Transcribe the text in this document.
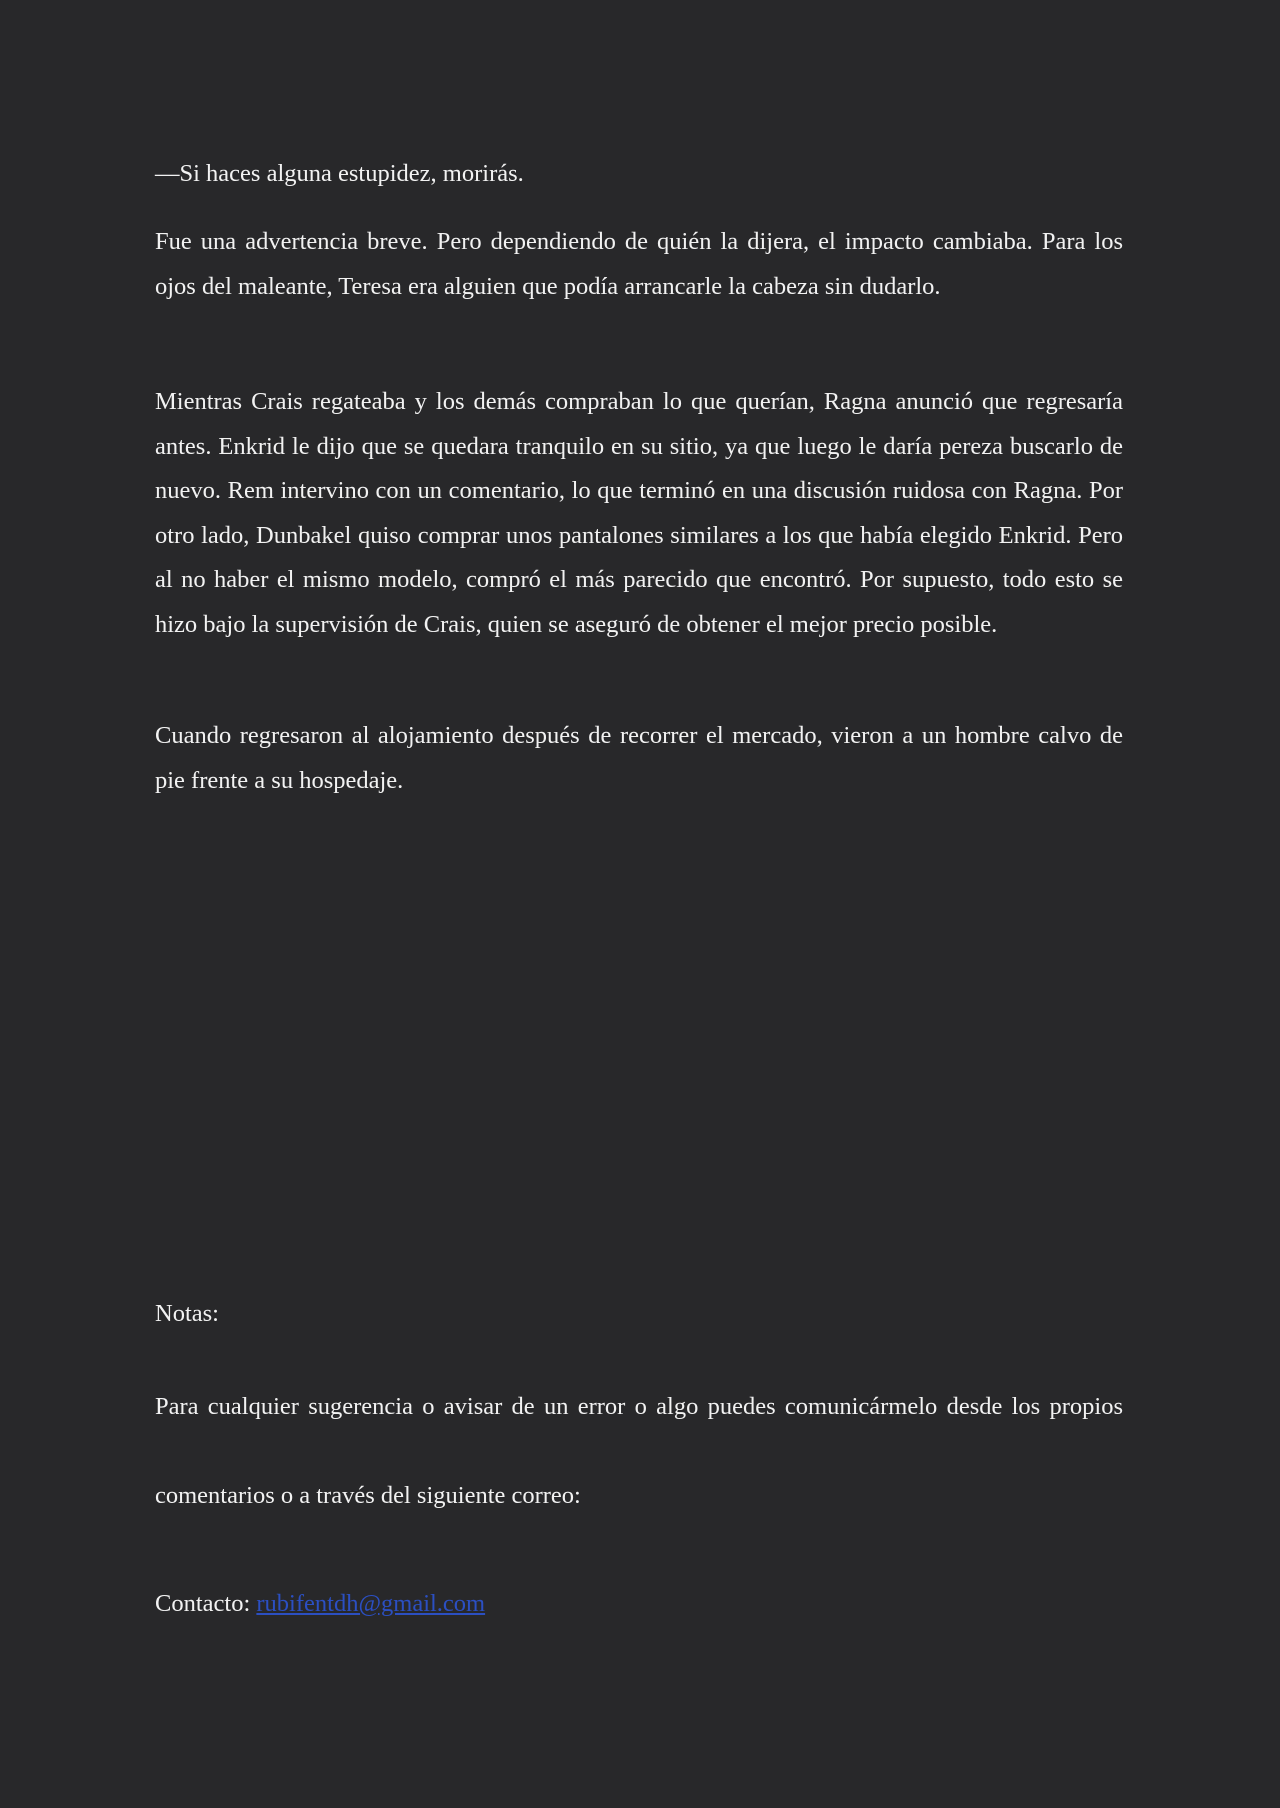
—Si haces alguna estupidez, morirás.

Fue una advertencia breve. Pero dependiendo de quién la dijera, el impacto cambiaba. Para los ojos del maleante, Teresa era alguien que podía arrancarle la cabeza sin dudarlo.

Mientras Crais regateaba y los demás compraban lo que querían, Ragna anunció que regresaría antes. Enkrid le dijo que se quedara tranquilo en su sitio, ya que luego le daría pereza buscarlo de nuevo. Rem intervino con un comentario, lo que terminó en una discusión ruidosa con Ragna. Por otro lado, Dunbakel quiso comprar unos pantalones similares a los que había elegido Enkrid. Pero al no haber el mismo modelo, compró el más parecido que encontró. Por supuesto, todo esto se hizo bajo la supervisión de Crais, quien se aseguró de obtener el mejor precio posible.

Cuando regresaron al alojamiento después de recorrer el mercado, vieron a un hombre calvo de pie frente a su hospedaje.

Notas:

Para cualquier sugerencia o avisar de un error o algo puedes comunicármelo desde los propios comentarios o a través del siguiente correo:

Contacto: rubifentdh@gmail.com
